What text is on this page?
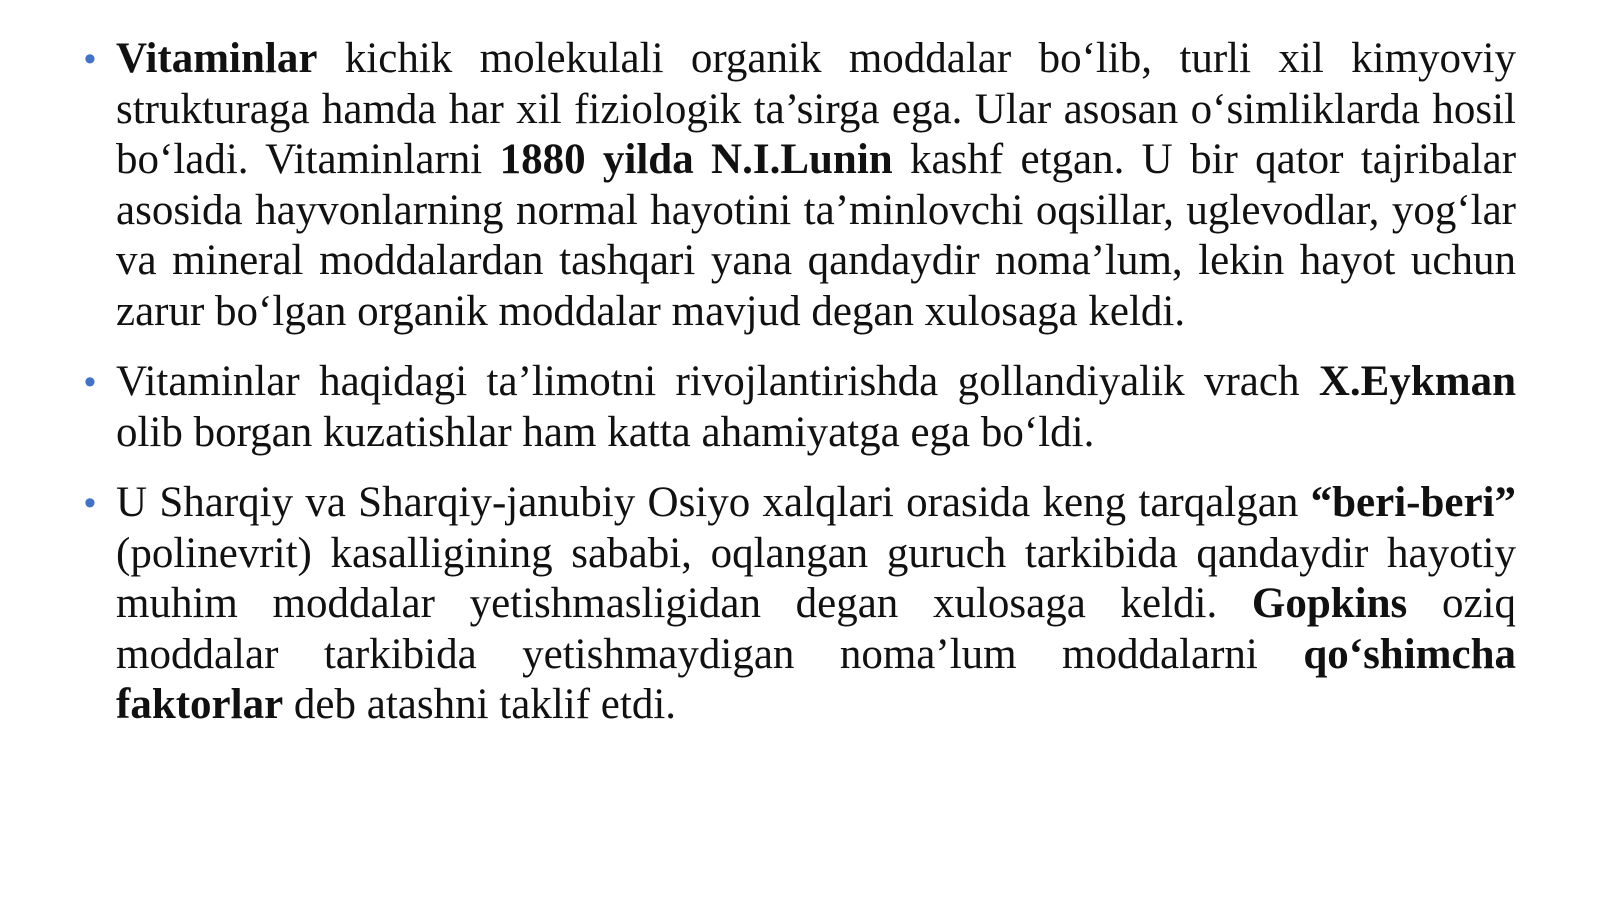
• Vitaminlar kichik molekulali organik moddalar bo‘lib, turli xil kimyoviy strukturaga hamda har xil fiziologik ta’sirga ega. Ular asosan o‘simliklarda hosil bo‘ladi. Vitaminlarni 1880 yilda N.I.Lunin kashf etgan. U bir qator tajribalar asosida hayvonlarning normal hayotini ta’minlovchi oqsillar, uglevodlar, yog‘lar va mineral moddalardan tashqari yana qandaydir noma’lum, lekin hayot uchun zarur bo‘lgan organik moddalar mavjud degan xulosaga keldi.
• Vitaminlar haqidagi ta’limotni rivojlantirishda gollandiyalik vrach X.Eykman olib borgan kuzatishlar ham katta ahamiyatga ega bo‘ldi.
• U Sharqiy va Sharqiy-janubiy Osiyo xalqlari orasida keng tarqalgan “beri-beri” (polinevrit) kasalligining sababi, oqlangan guruch tarkibida qandaydir hayotiy muhim moddalar yetishmasligidan degan xulosaga keldi. Gopkins oziq moddalar tarkibida yetishmaydigan noma’lum moddalarni qo‘shimcha faktorlar deb atashni taklif etdi.
